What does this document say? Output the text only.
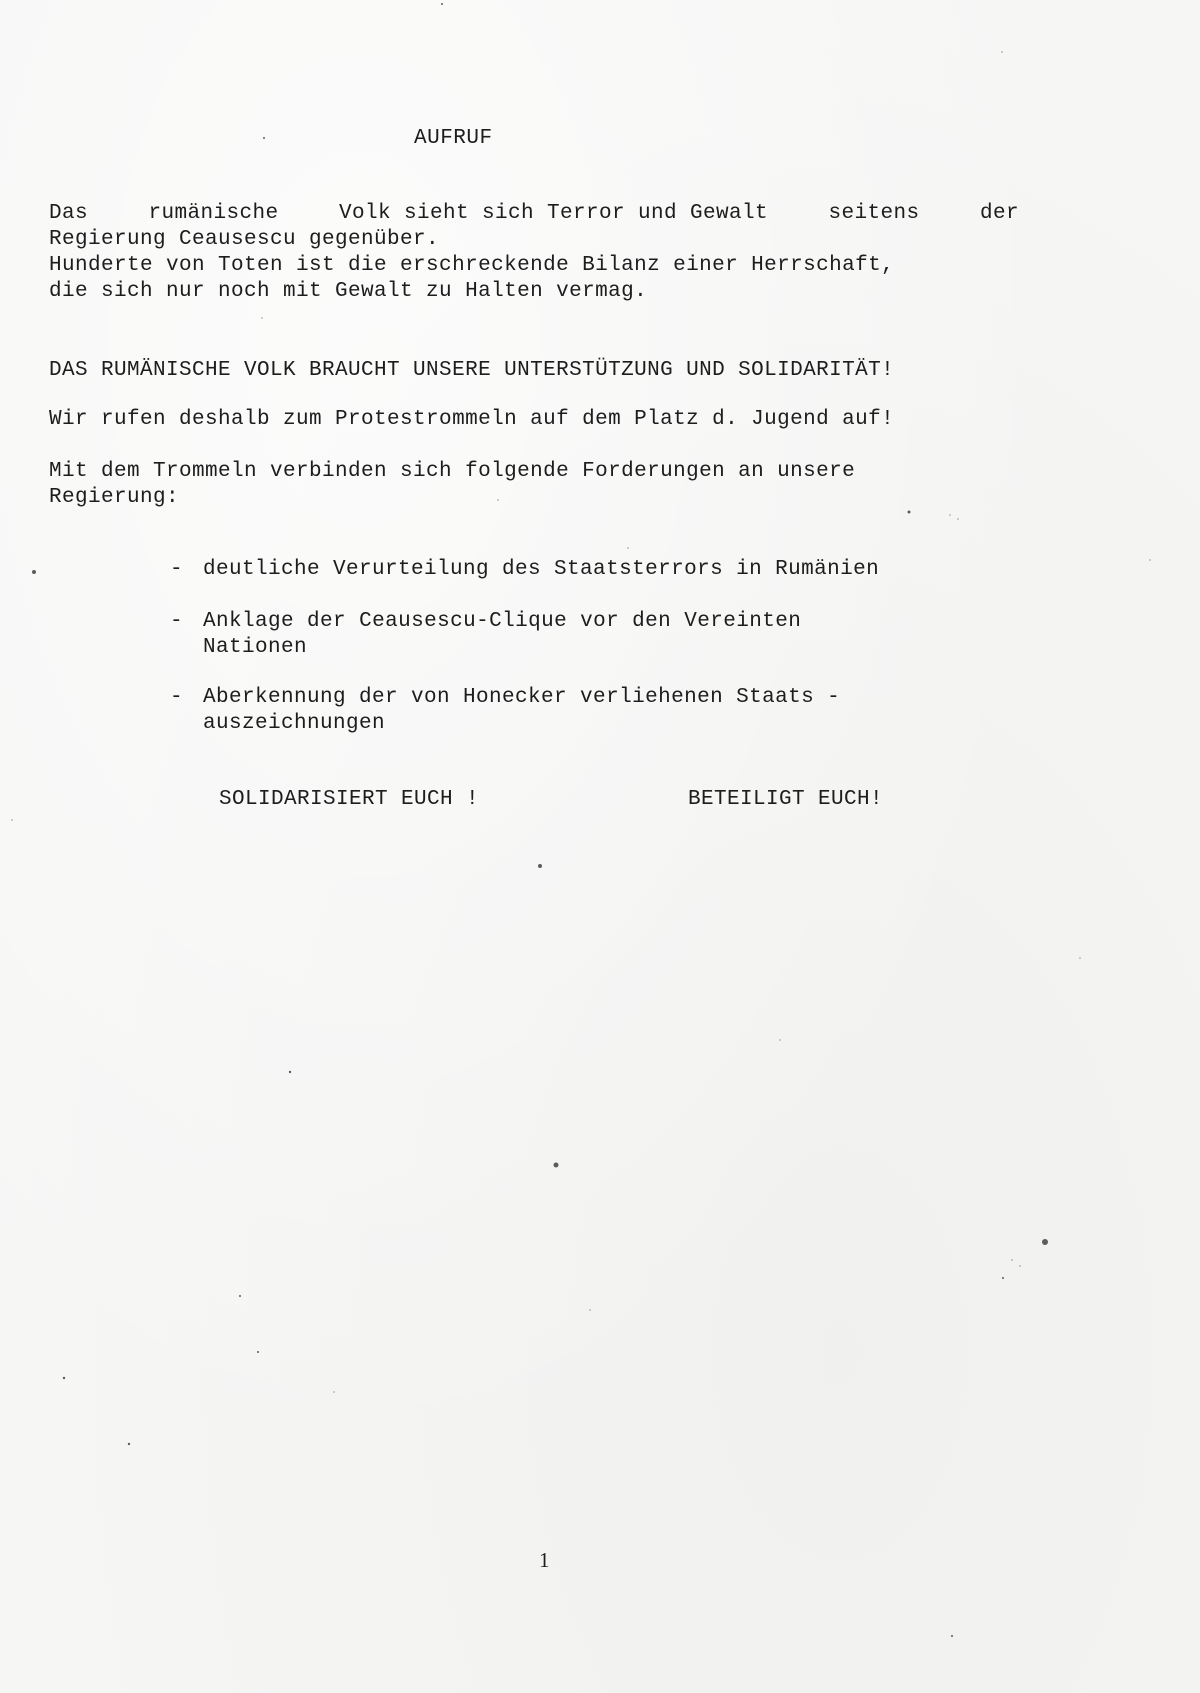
AUFRUF
Das	rumänische	Volk sieht sich Terror und Gewalt	seitens	der
Regierung Ceausescu gegenüber.
Hunderte von Toten ist die erschreckende Bilanz einer Herrschaft,
die sich nur noch mit Gewalt zu Halten vermag.
DAS RUMÄNISCHE VOLK BRAUCHT UNSERE UNTERSTÜTZUNG UND SOLIDARITÄT!
Wir rufen deshalb zum Protestrommeln auf dem Platz d. Jugend auf!
Mit dem Trommeln verbinden sich folgende Forderungen an unsere
Regierung:
- deutliche Verurteilung des Staatsterrors in Rumänien
- Anklage der Ceausescu-Clique vor den Vereinten
Nationen
- Aberkennung der von Honecker verliehenen Staats -
auszeichnungen
SOLIDARISIERT EUCH !	BETEILIGT EUCH!
1
